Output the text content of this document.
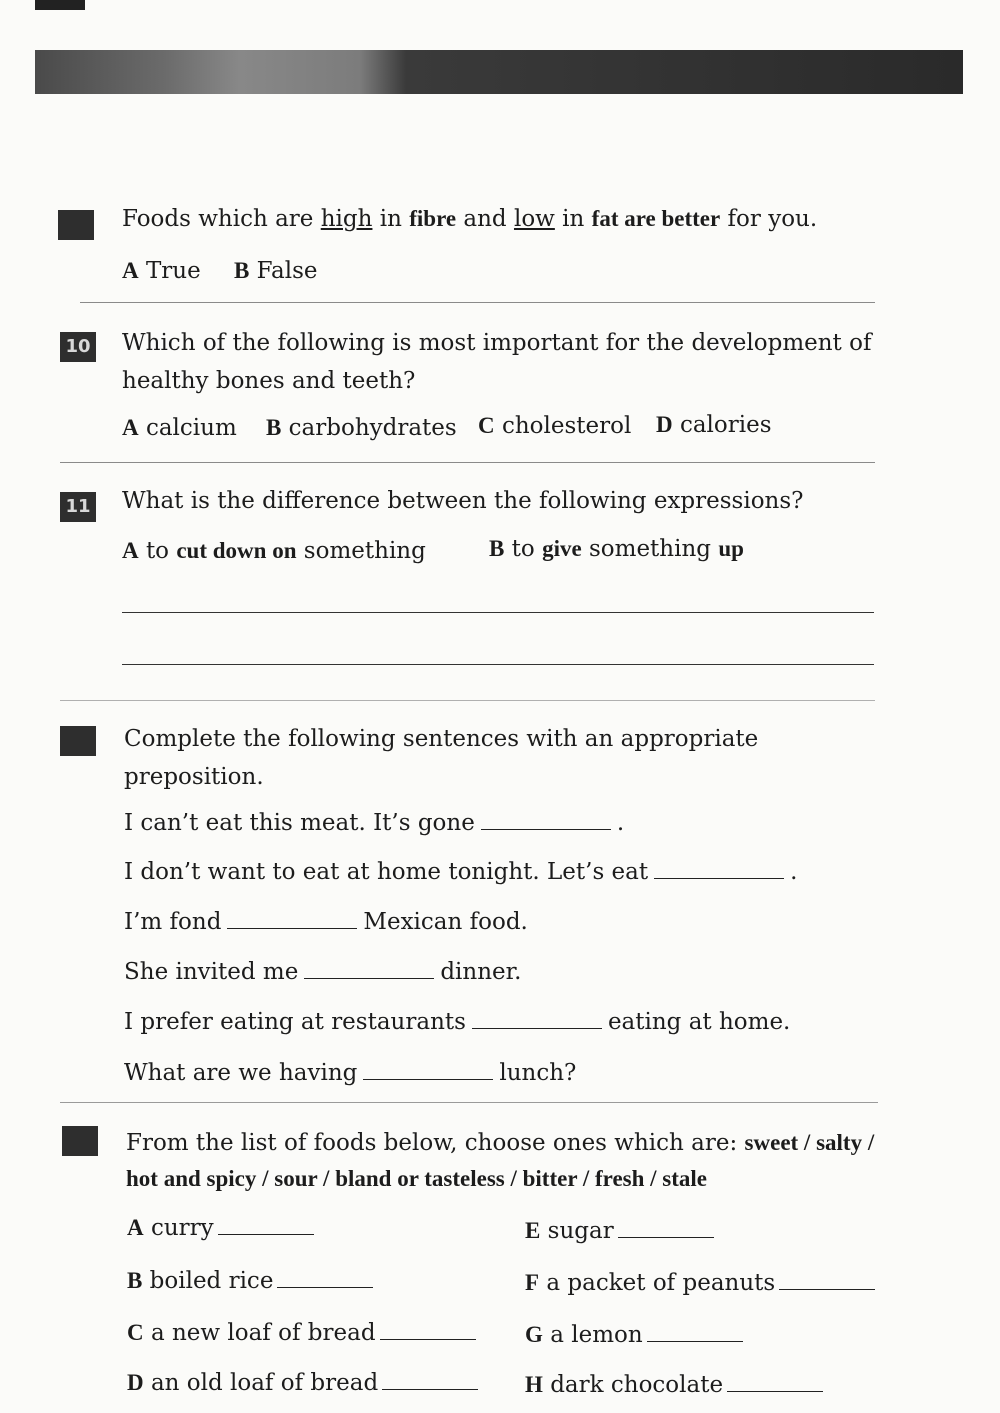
Foods which are high in fibre and low in fat are better for you.
A True B False
10 Which of the following is most important for the development of healthy bones and teeth?
A calcium B carbohydrates C cholesterol D calories
11 What is the difference between the following expressions?
A to cut down on something	B to give something up
Complete the following sentences with an appropriate preposition.
I can’t eat this meat. It’s gone	.
I don’t want to eat at home tonight. Let’s eat	.
I’m fond	Mexican food.
She invited me	dinner.
I prefer eating at restaurants	eating at home.
What are we having	lunch?
From the list of foods below, choose ones which are: sweet / salty / hot and spicy / sour / bland or tasteless / bitter / fresh / stale
A curry
B boiled rice
C a new loaf of bread
D an old loaf of bread
E sugar
F a packet of peanuts
G a lemon
H dark chocolate
